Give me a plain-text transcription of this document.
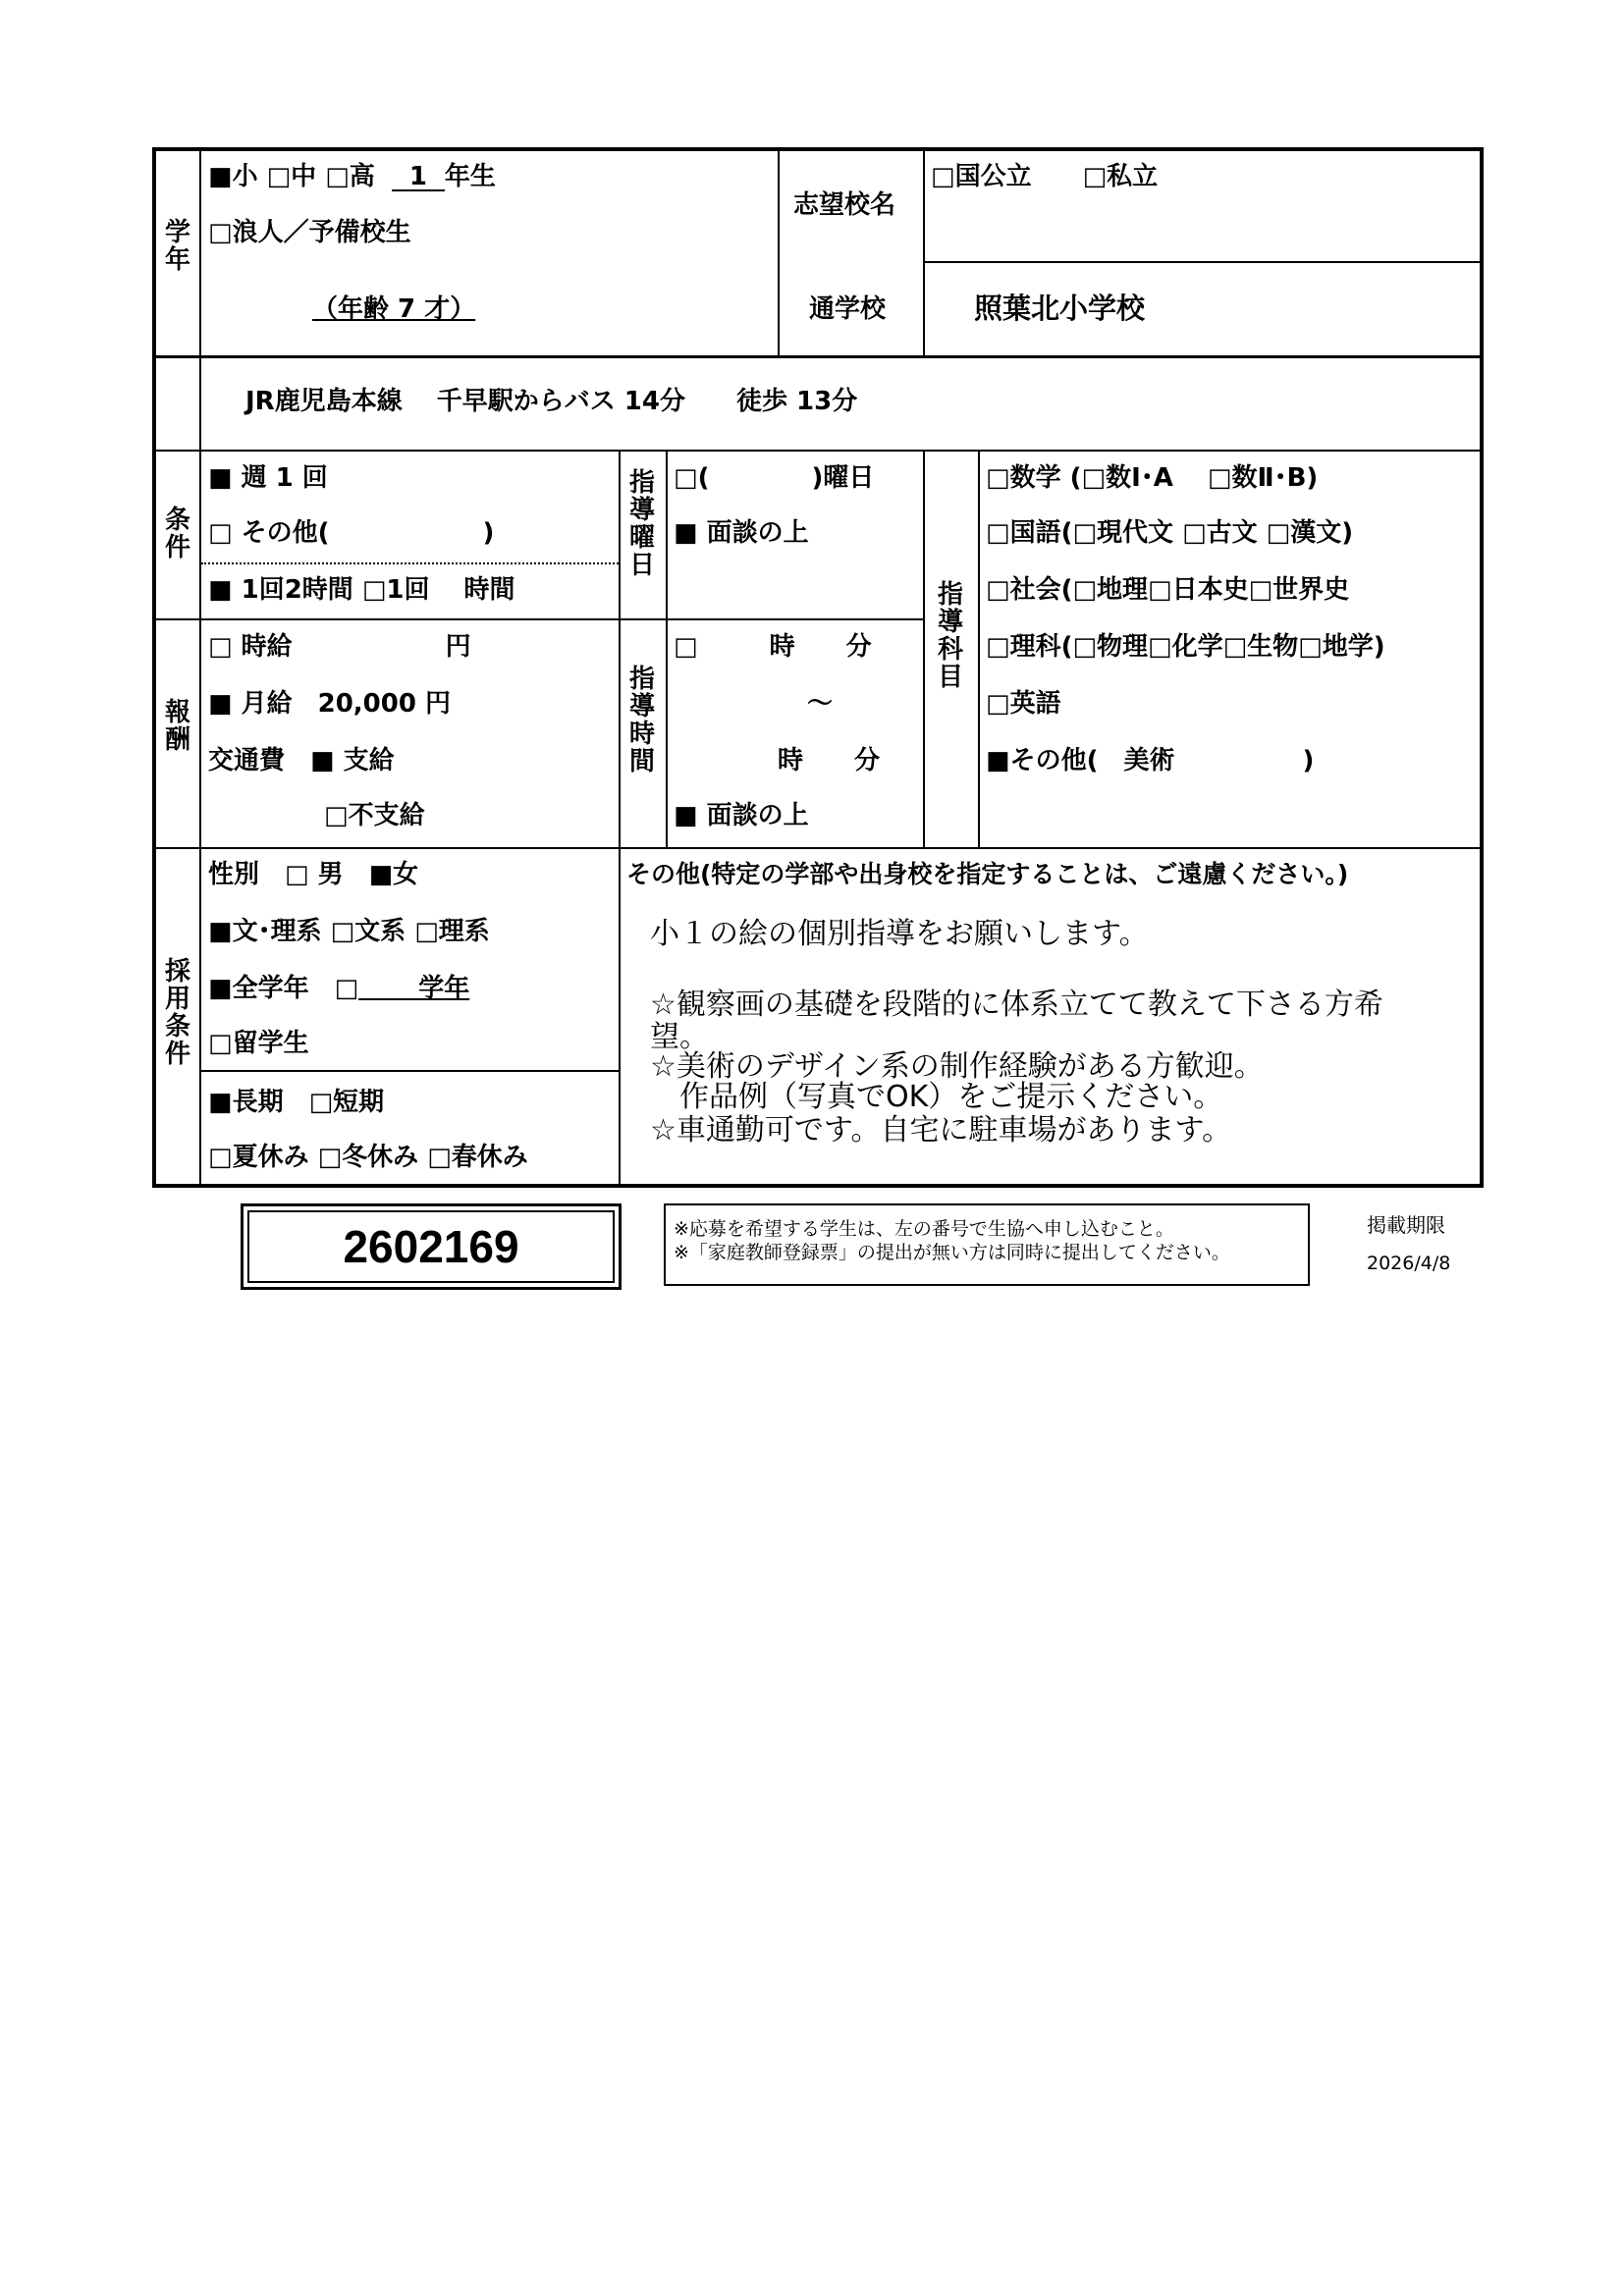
学
年
■小 □中 □高 1 年生
□浪人／予備校生
（年齢 7 才）
志望校名
□国公立　　□私立
通学校	照葉北小学校
JR鹿児島本線　 千早駅からバス 14分　　徒歩 13分
条
件
■ 週 1 回
□ その他(　　　　　　)
■ 1回2時間 □1回　 時間
指
導
曜
日
□(　　　　)曜日
■ 面談の上
指
導
科
目
□数学 (□数Ⅰ･A　 □数Ⅱ･B)
□国語(□現代文 □古文 □漢文)
□社会(□地理□日本史□世界史
□理科(□物理□化学□生物□地学)
□英語
■その他(　美術　　　　　)
報
酬
□ 時給　　　　　　円
■ 月給　20,000 円
交通費　■ 支給
□不支給
指
導
時
間
□　　 時　　分
～
時　　分
■ 面談の上
採
用
条
件
性別　□ 男　■女
■文･理系 □文系 □理系
■全学年　□　　 学年
□留学生
■長期　□短期
□夏休み □冬休み □春休み
その他(特定の学部や出身校を指定することは、ご遠慮ください。)
小１の絵の個別指導をお願いします。
☆観察画の基礎を段階的に体系立てて教えて下さる方希
望。
☆美術のデザイン系の制作経験がある方歓迎。
　作品例（写真でOK）をご提示ください。
☆車通勤可です。自宅に駐車場があります。
2602169	※応募を希望する学生は、左の番号で生協へ申し込むこと。
※「家庭教師登録票」の提出が無い方は同時に提出してください。
掲載期限
2026/4/8
